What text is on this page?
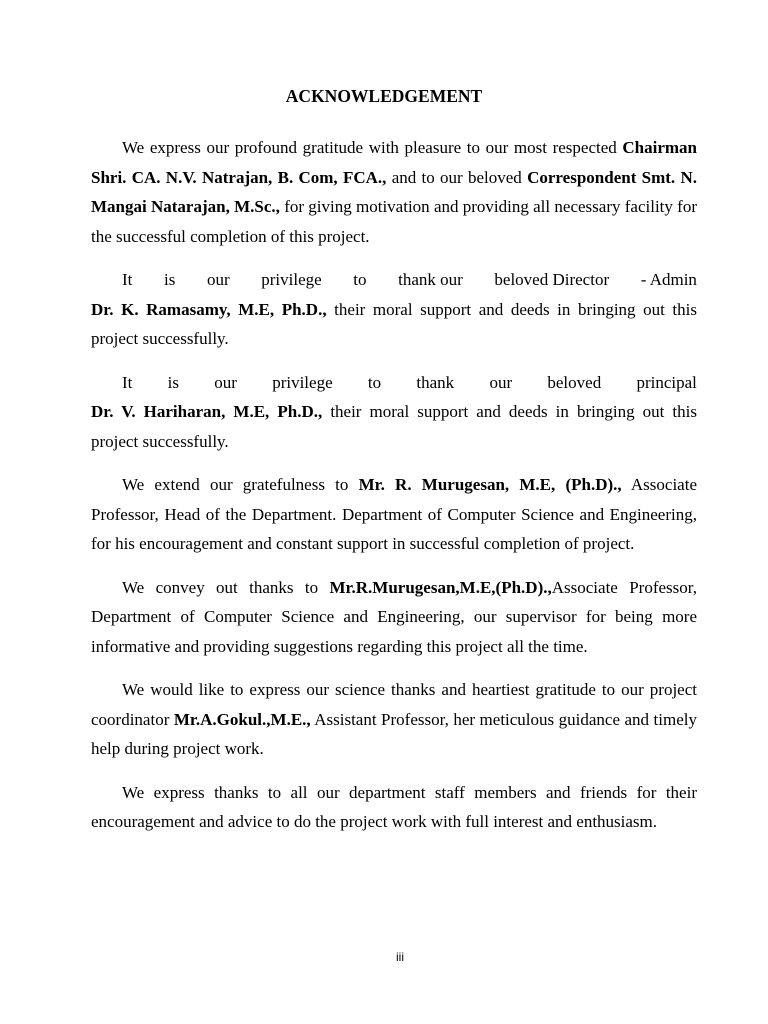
ACKNOWLEDGEMENT

We express our profound gratitude with pleasure to our most respected Chairman Shri. CA. N.V. Natrajan, B. Com, FCA., and to our beloved Correspondent Smt. N. Mangai Natarajan, M.Sc., for giving motivation and providing all necessary facility for the successful completion of this project.

It is our privilege to thank our beloved Director - Admin

Dr. K. Ramasamy, M.E, Ph.D., their moral support and deeds in bringing out this project successfully.

It is our privilege to thank our beloved principal

Dr. V. Hariharan, M.E, Ph.D., their moral support and deeds in bringing out this project successfully.

We extend our gratefulness to Mr. R. Murugesan, M.E, (Ph.D)., Associate Professor, Head of the Department. Department of Computer Science and Engineering, for his encouragement and constant support in successful completion of project.

We convey out thanks to Mr.R.Murugesan,M.E,(Ph.D).,Associate Professor, Department of Computer Science and Engineering, our supervisor for being more informative and providing suggestions regarding this project all the time.

We would like to express our science thanks and heartiest gratitude to our project coordinator Mr.A.Gokul.,M.E., Assistant Professor, her meticulous guidance and timely help during project work.

We express thanks to all our department staff members and friends for their encouragement and advice to do the project work with full interest and enthusiasm.

iii
